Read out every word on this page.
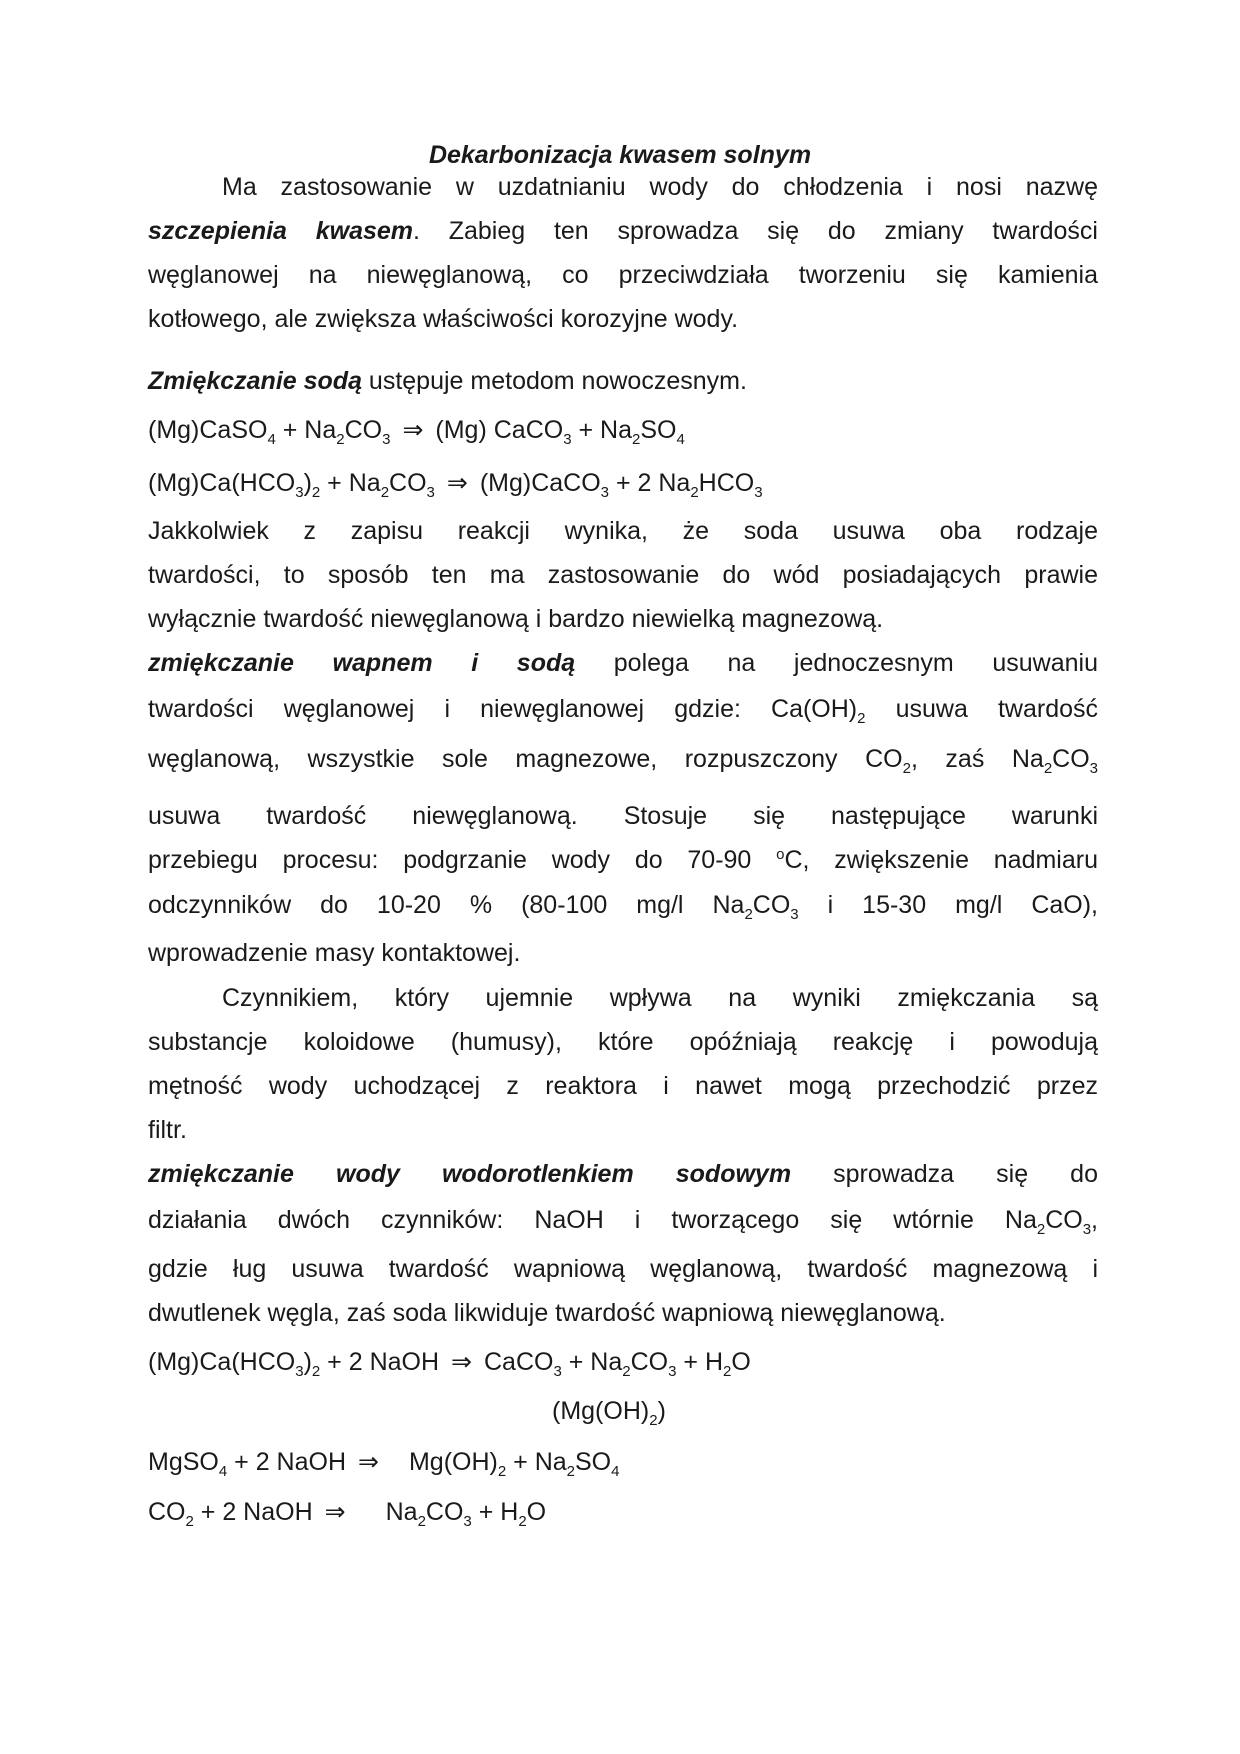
Dekarbonizacja kwasem solnym
Ma zastosowanie w uzdatnianiu wody do chłodzenia i nosi nazwę
szczepienia kwasem. Zabieg ten sprowadza się do zmiany twardości
węglanowej na niewęglanową, co przeciwdziała tworzeniu się kamienia
kotłowego, ale zwiększa właściwości korozyjne wody.
Zmiękczanie sodą ustępuje metodom nowoczesnym.
(Mg)CaSO$_4$ + $Na_2CO_3$ ⇒ (Mg) CaCO$_3$ + $Na_2SO_4$
$(Mg)Ca(HCO_3)_2 + Na_2CO_3$ ⇒ (Mg)CaCO$_3$ + 2 $Na_2HCO_3$
Jakkolwiek z zapisu reakcji wynika, że soda usuwa oba rodzaje
twardości, to sposób ten ma zastosowanie do wód posiadających prawie
wyłącznie twardość niewęglanową i bardzo niewielką magnezową.
zmiękczanie wapnem i sodą polega na jednoczesnym usuwaniu
twardości węglanowej i niewęglanowej gdzie: $Ca(OH)_2$ usuwa twardość
węglanową, wszystkie sole magnezowe, rozpuszczony $CO_2$, zaś $Na_2CO_3$
usuwa twardość niewęglanową. Stosuje się następujące warunki
przebiegu procesu: podgrzanie wody do 70-90 $^o$C, zwiększenie nadmiaru
odczynników do 10-20 % (80-100 mg/l $Na_2CO_3$ i 15-30 mg/l CaO),
wprowadzenie masy kontaktowej.
Czynnikiem, który ujemnie wpływa na wyniki zmiękczania są
substancje koloidowe (humusy), które opóźniają reakcję i powodują
mętność wody uchodzącej z reaktora i nawet mogą przechodzić przez
filtr.
zmiękczanie wody wodorotlenkiem sodowym sprowadza się do
działania dwóch czynników: NaOH i tworzącego się wtórnie $Na_2CO_3$,
gdzie ług usuwa twardość wapniową węglanową, twardość magnezową i
dwutlenek węgla, zaś soda likwiduje twardość wapniową niewęglanową.
$(Mg)Ca(HCO_3)_2 + 2$ NaOH ⇒ CaCO$_3$ + $Na_2CO_3 + H_2O$
$(Mg(OH)_2)$
MgSO$_4$ + 2 NaOH ⇒ $Mg(OH)_2 + Na_2SO_4$
$CO_2 + 2$ NaOH ⇒ $Na_2CO_3 + H_2O$
